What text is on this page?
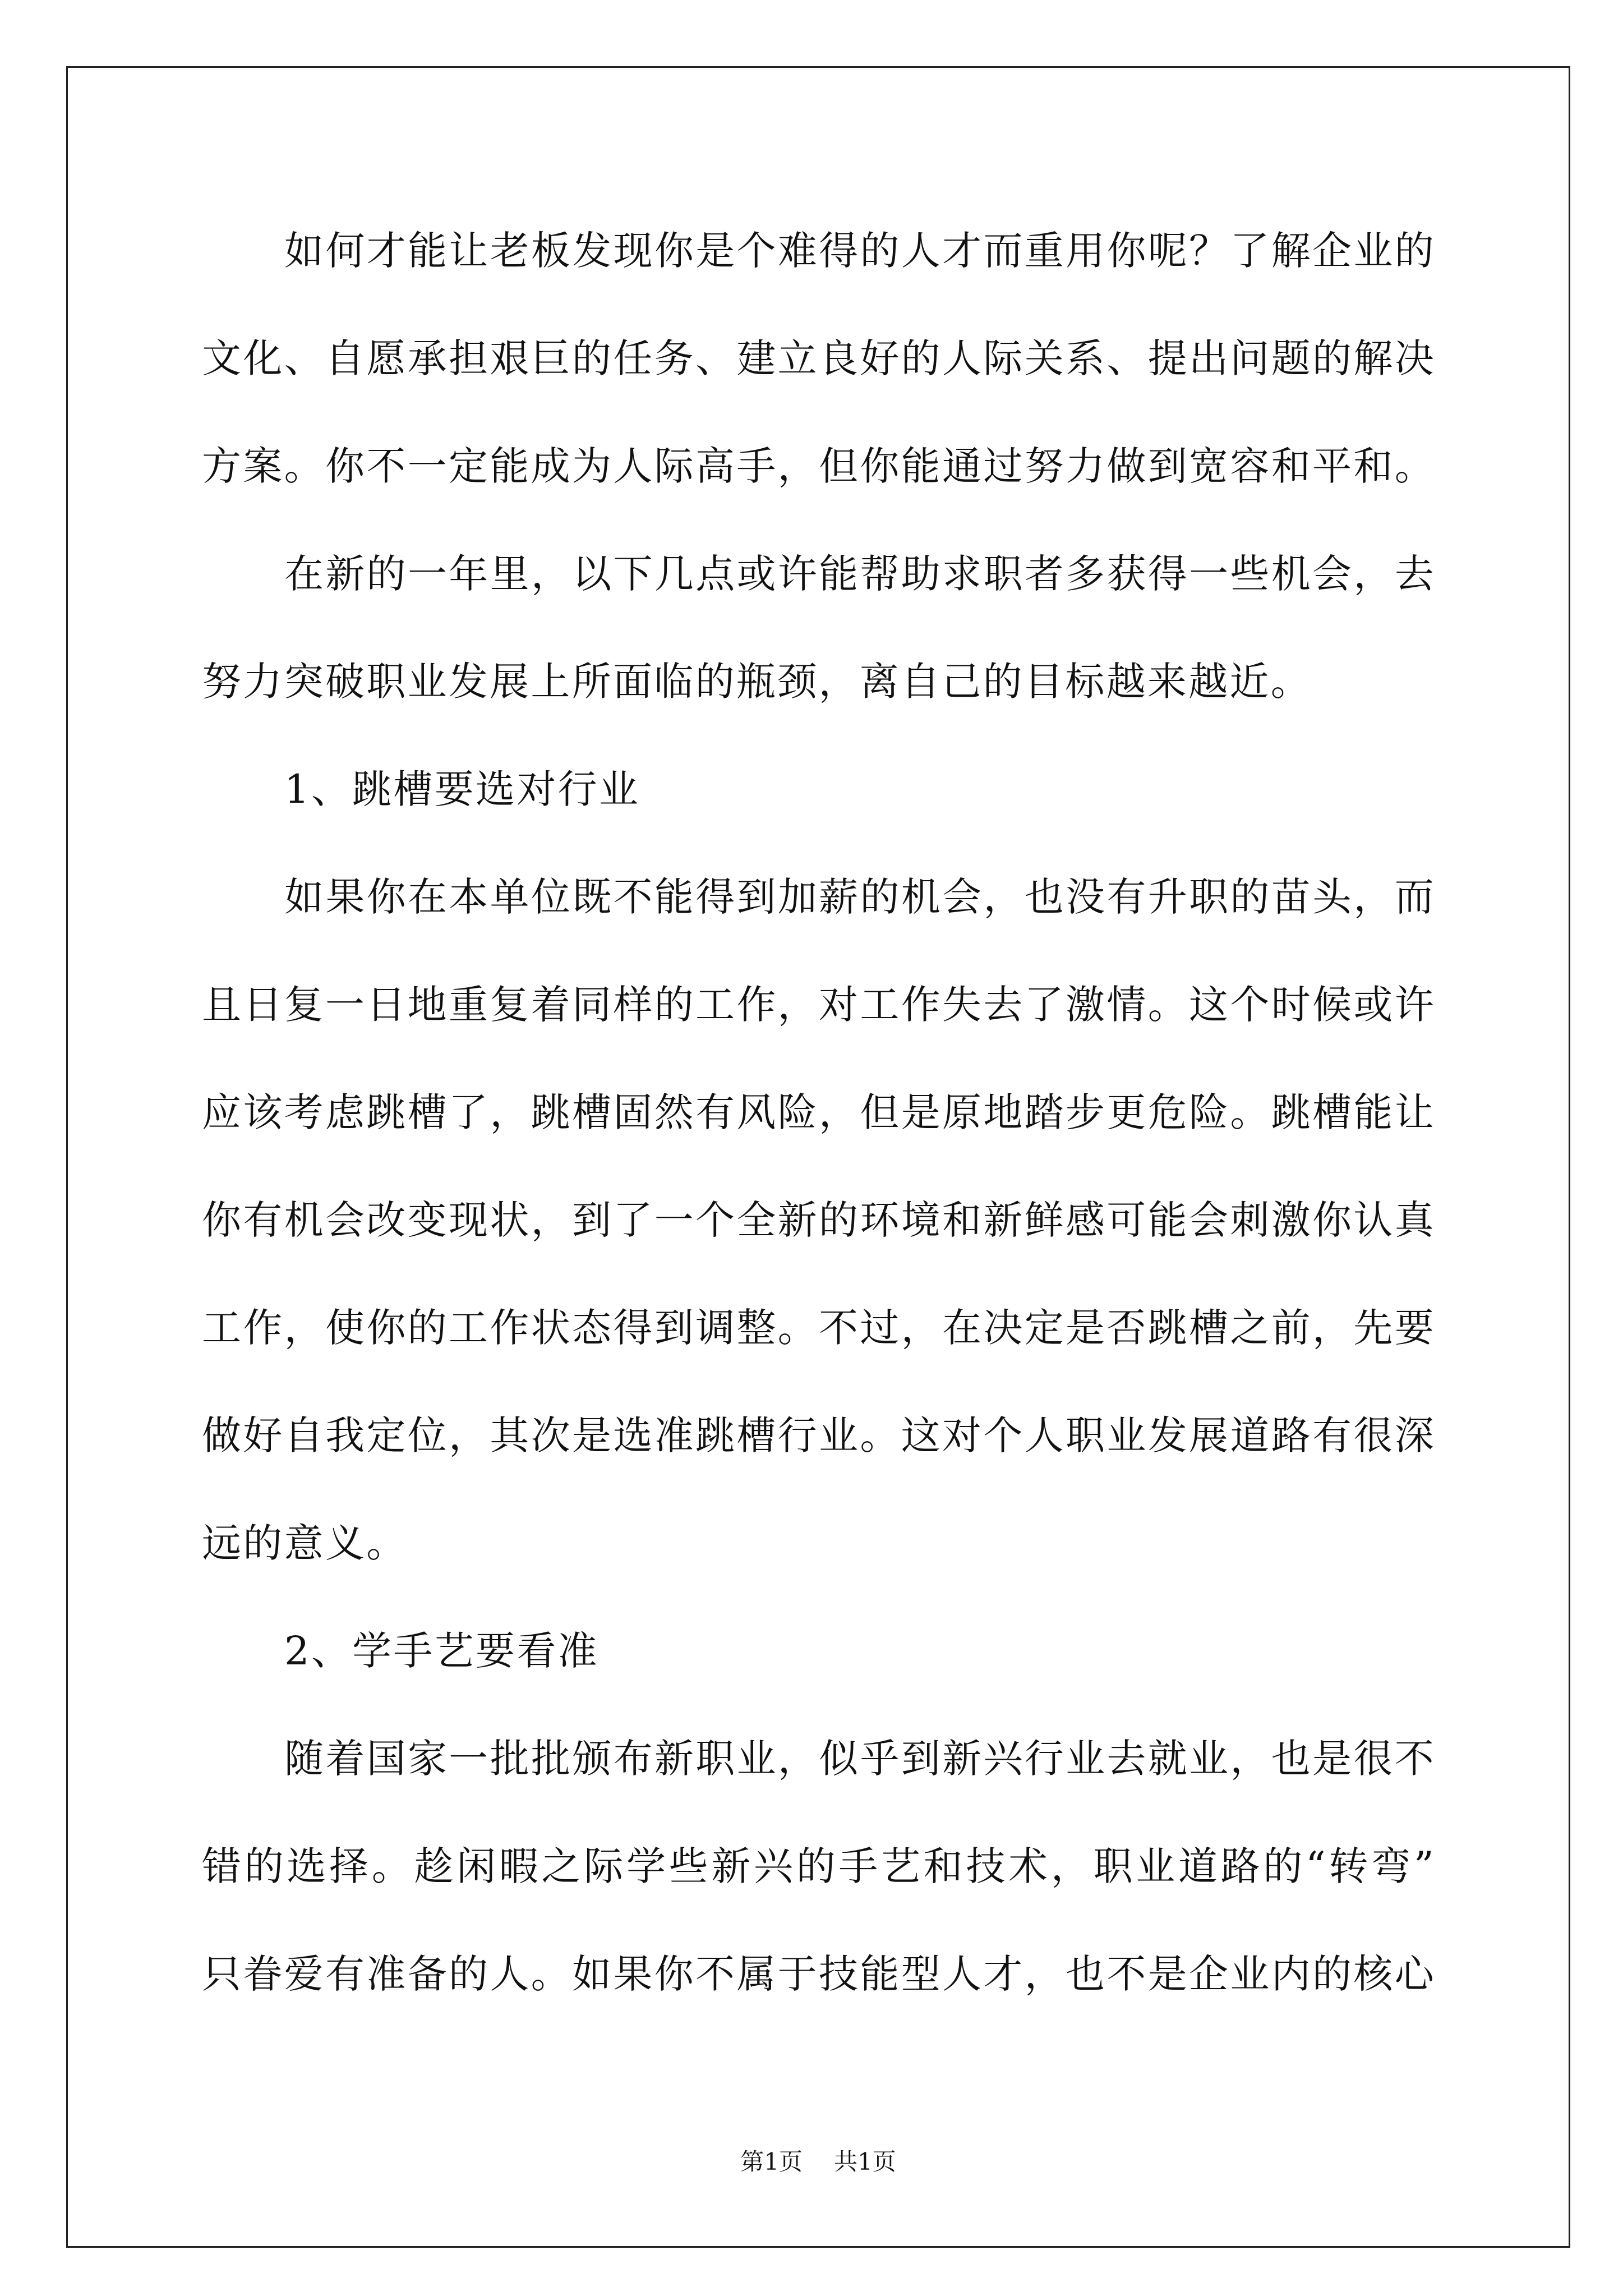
如何才能让老板发现你是个难得的人才而重用你呢？了解企业的
文化、自愿承担艰巨的任务、建立良好的人际关系、提出问题的解决
方案。你不一定能成为人际高手，但你能通过努力做到宽容和平和。
在新的一年里，以下几点或许能帮助求职者多获得一些机会，去
努力突破职业发展上所面临的瓶颈，离自己的目标越来越近。
1、跳槽要选对行业
如果你在本单位既不能得到加薪的机会，也没有升职的苗头，而
且日复一日地重复着同样的工作，对工作失去了激情。这个时候或许
应该考虑跳槽了，跳槽固然有风险，但是原地踏步更危险。跳槽能让
你有机会改变现状，到了一个全新的环境和新鲜感可能会刺激你认真
工作，使你的工作状态得到调整。不过，在决定是否跳槽之前，先要
做好自我定位，其次是选准跳槽行业。这对个人职业发展道路有很深
远的意义。
2、学手艺要看准
随着国家一批批颁布新职业，似乎到新兴行业去就业，也是很不
错的选择。趁闲暇之际学些新兴的手艺和技术，职业道路的“转弯”
只眷爱有准备的人。如果你不属于技能型人才，也不是企业内的核心
第1页 共1页
